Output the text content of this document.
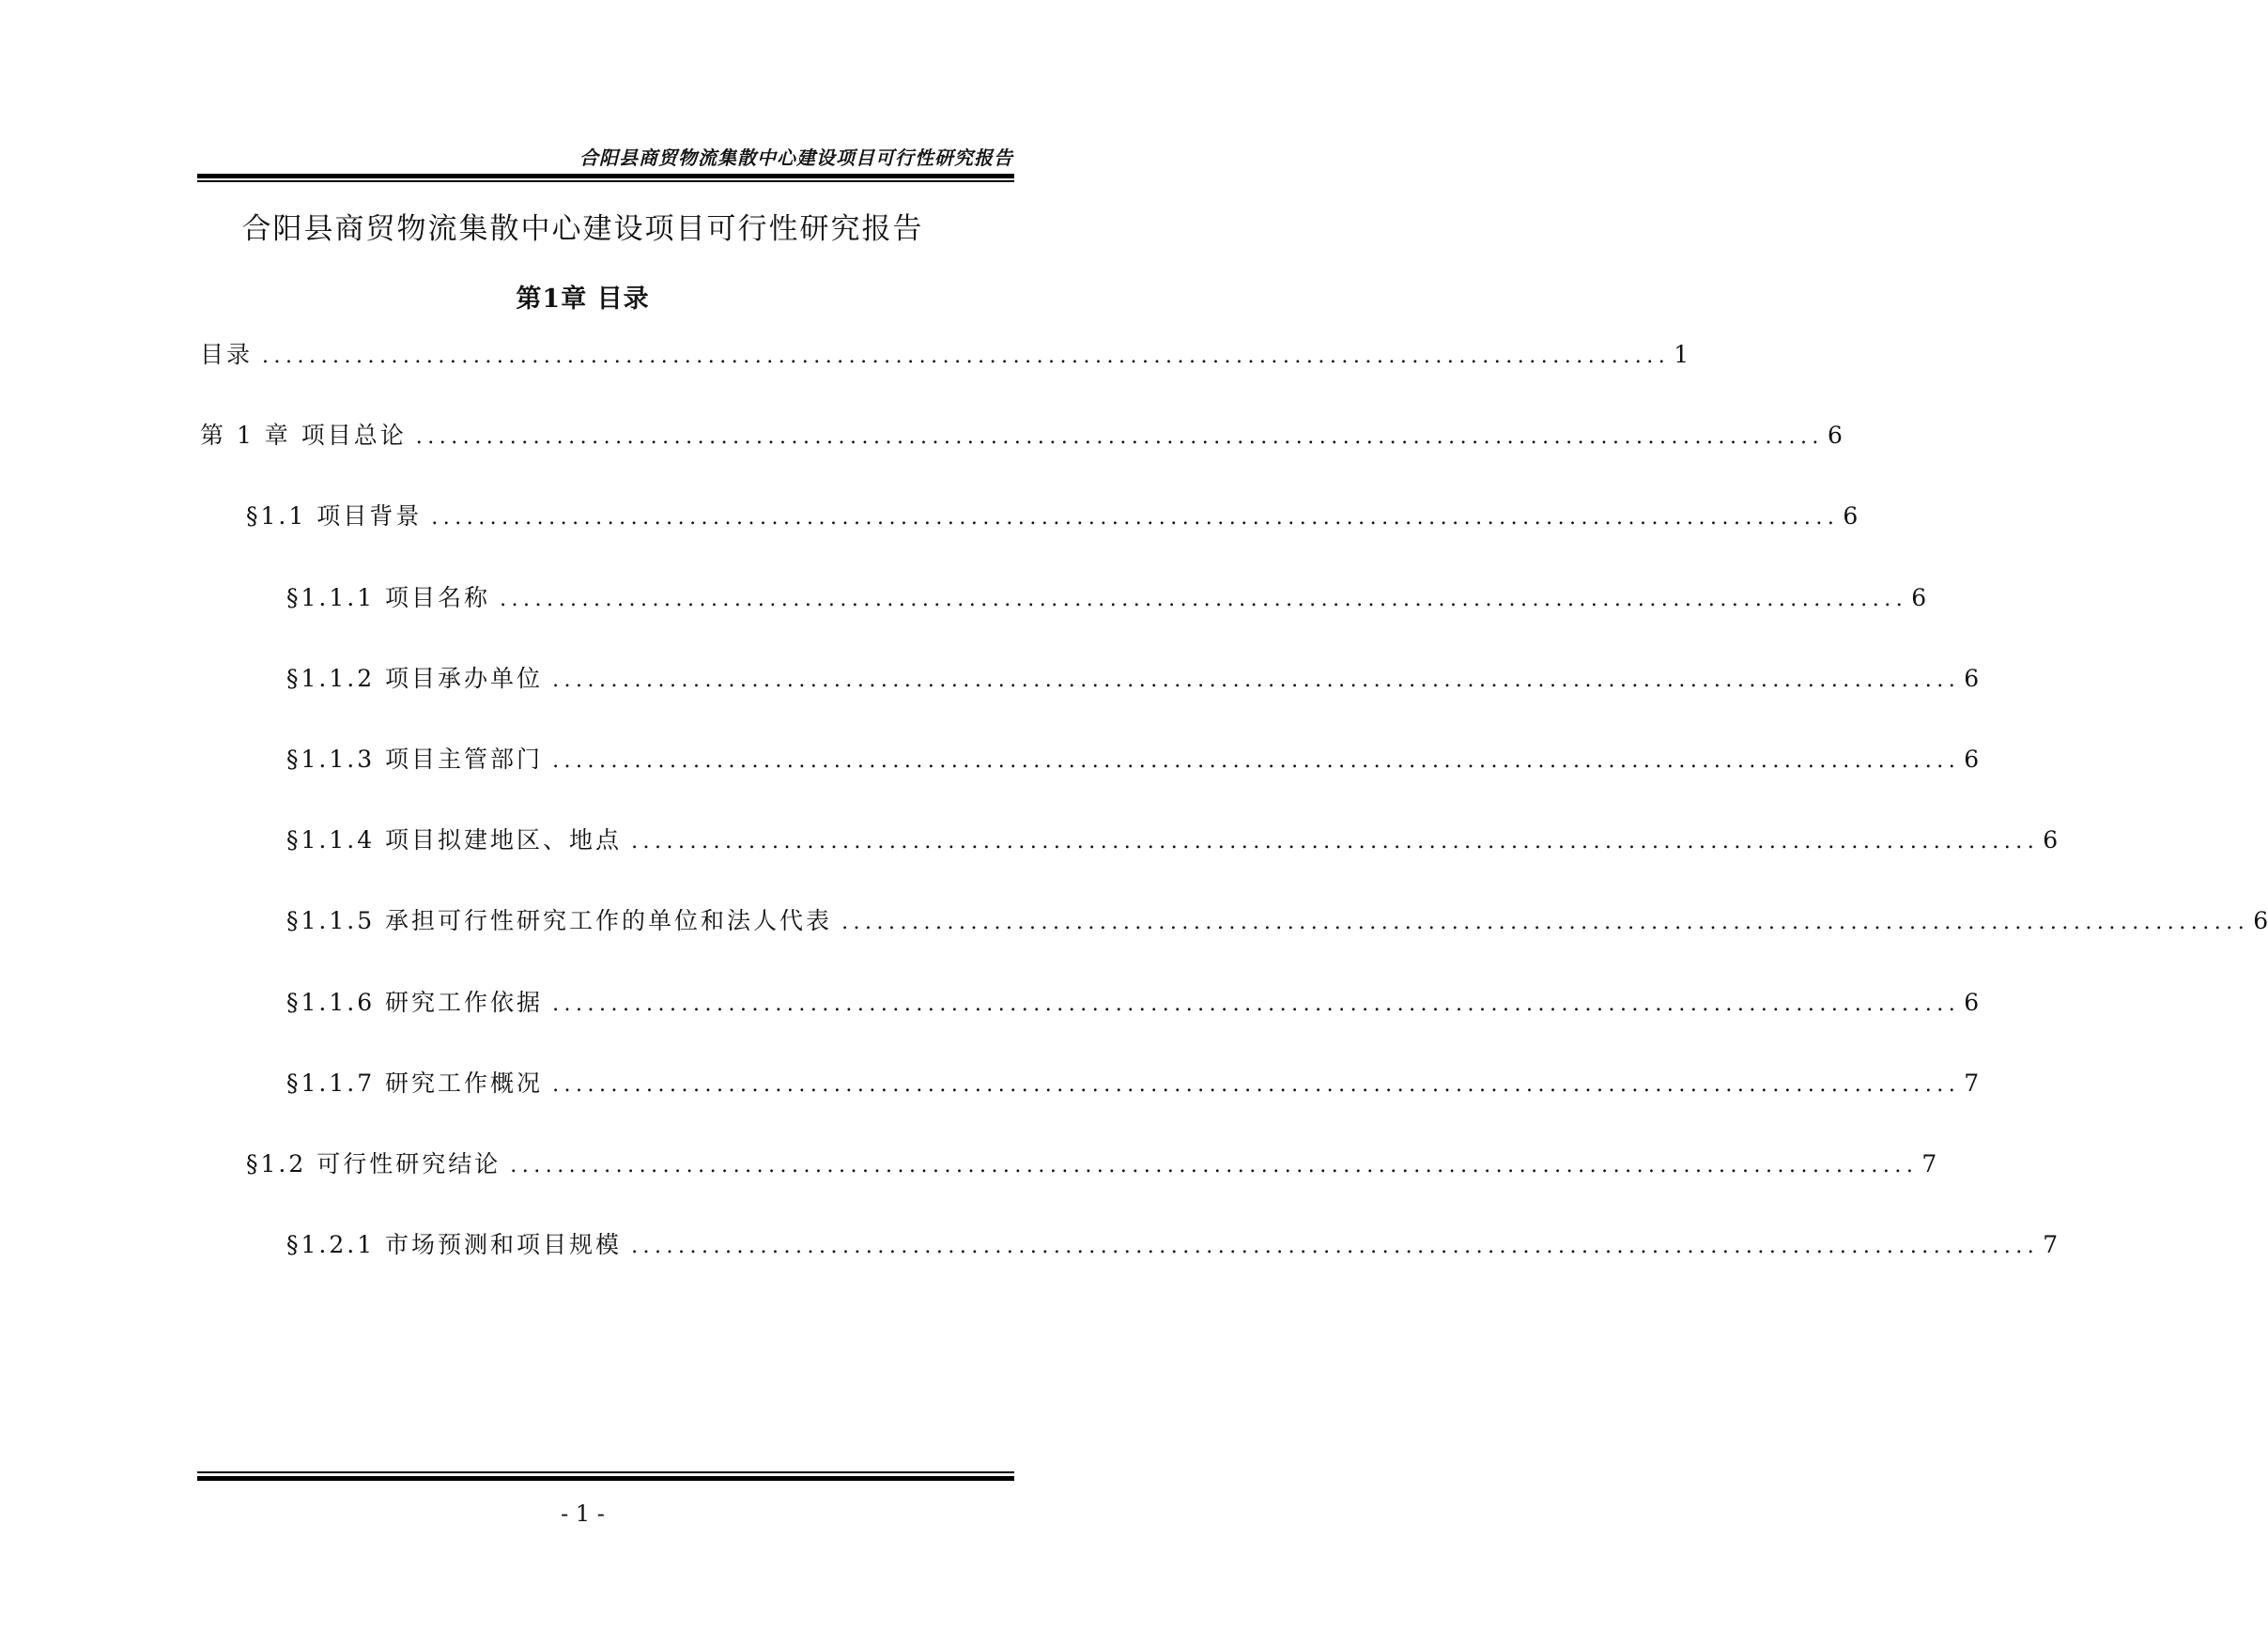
合阳县商贸物流集散中心建设项目可行性研究报告
合阳县商贸物流集散中心建设项目可行性研究报告
第1章 目录
目录 ........................................................................................................................ 1
第 1 章 项目总论 ........................................................................................................................ 6
§1.1 项目背景 ........................................................................................................................ 6
§1.1.1 项目名称 ........................................................................................................................ 6
§1.1.2 项目承办单位 ........................................................................................................................ 6
§1.1.3 项目主管部门 ........................................................................................................................ 6
§1.1.4 项目拟建地区、地点 ........................................................................................................................ 6
§1.1.5 承担可行性研究工作的单位和法人代表 ........................................................................................................................ 6
§1.1.6 研究工作依据 ........................................................................................................................ 6
§1.1.7 研究工作概况 ........................................................................................................................ 7
§1.2 可行性研究结论 ........................................................................................................................ 7
§1.2.1 市场预测和项目规模 ........................................................................................................................ 7
- 1 -
